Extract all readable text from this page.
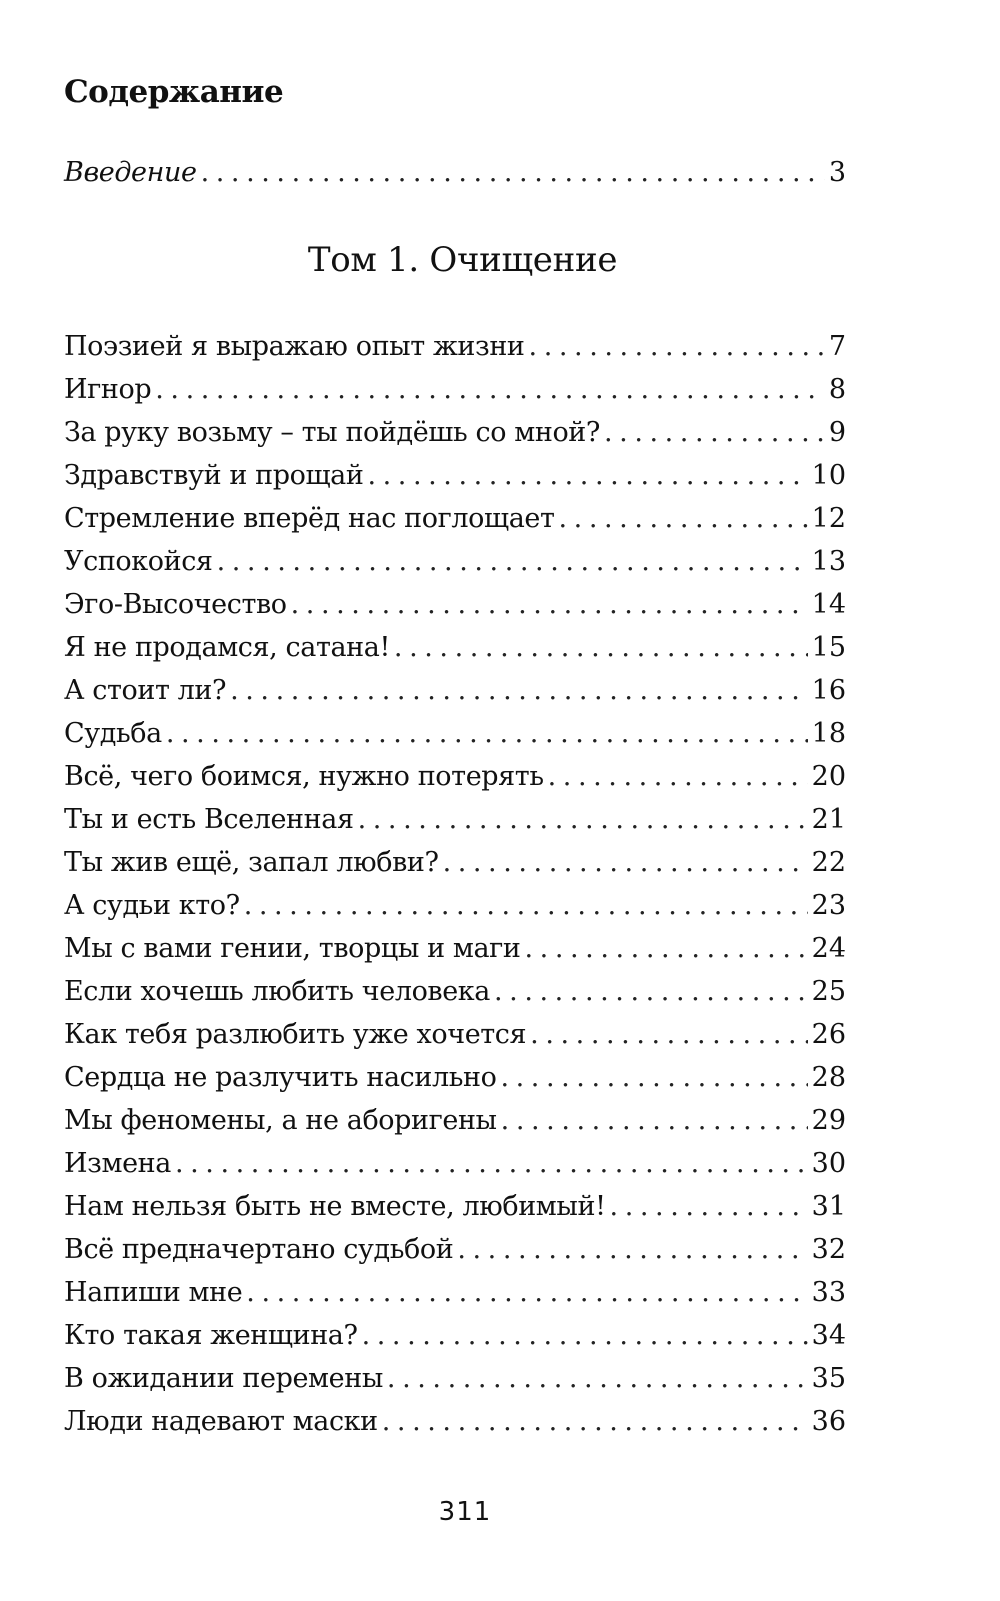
Содержание
Введение . . .	3
Том 1. Очищение
Поэзией я выражаю опыт жизни . . .	7
Игнор . . .	8
За руку возьму – ты пойдёшь со мной? . . .	9
Здравствуй и прощай . . .	10
Стремление вперёд нас поглощает . . .	12
Успокойся . . .	13
Эго-Высочество . . .	14
Я не продамся, сатана! . . .	15
А стоит ли? . . .	16
Судьба . . .	18
Всё, чего боимся, нужно потерять . . .	20
Ты и есть Вселенная . . .	21
Ты жив ещё, запал любви? . . .	22
А судьи кто? . . .	23
Мы с вами гении, творцы и маги . . .	24
Если хочешь любить человека . . .	25
Как тебя разлюбить уже хочется . . .	26
Сердца не разлучить насильно . . .	28
Мы феномены, а не аборигены . . .	29
Измена . . .	30
Нам нельзя быть не вместе, любимый! . . .	31
Всё предначертано судьбой . . .	32
Напиши мне . . .	33
Кто такая женщина? . . .	34
В ожидании перемены . . .	35
Люди надевают маски . . .	36
311
